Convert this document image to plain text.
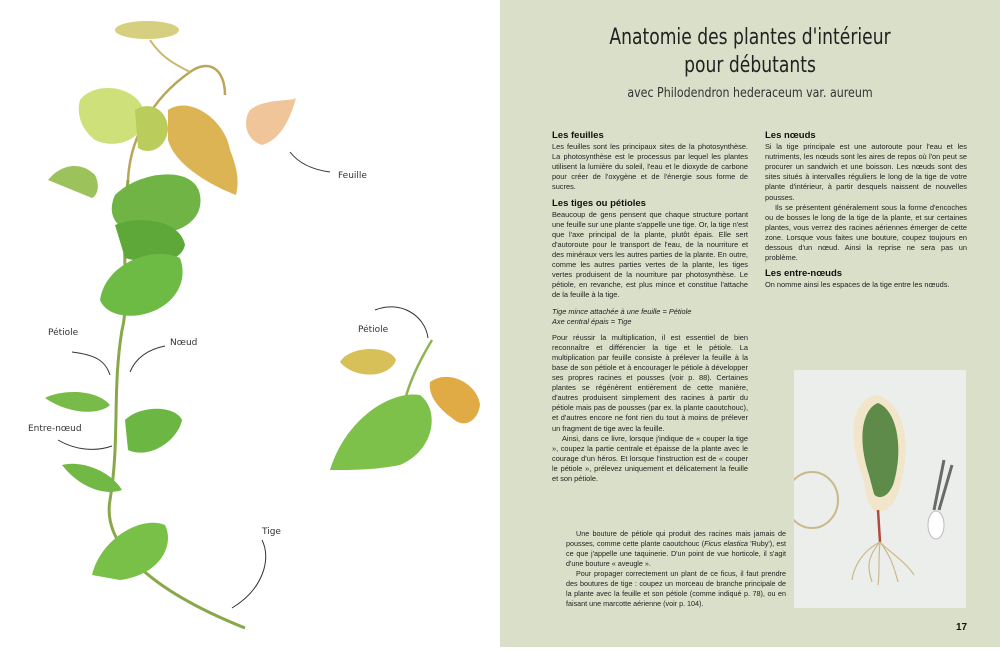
Feuille
Pétiole
Nœud
Entre-nœud
Tige
Pétiole
Anatomie des plantes d'intérieur pour débutants
avec Philodendron hederaceum var. aureum
Les feuilles

Les feuilles sont les principaux sites de la photosynthèse. La photosynthèse est le processus par lequel les plantes utilisent la lumière du soleil, l'eau et le dioxyde de carbone pour créer de l'oxygène et de l'énergie sous forme de sucres.

Les tiges ou pétioles

Beaucoup de gens pensent que chaque structure portant une feuille sur une plante s'appelle une tige. Or, la tige n'est que l'axe principal de la plante, plutôt épais. Elle sert d'autoroute pour le transport de l'eau, de la nourriture et des minéraux vers les autres parties de la plante. En outre, comme les autres parties vertes de la plante, les tiges vertes produisent de la nourriture par photosynthèse. Le pétiole, en revanche, est plus mince et constitue l'attache de la feuille à la tige.

Tige mince attachée à une feuille = Pétiole

Axe central épais = Tige

Pour réussir la multiplication, il est essentiel de bien reconnaître et différencier la tige et le pétiole. La multiplication par feuille consiste à prélever la feuille à la base de son pétiole et à encourager le pétiole à développer ses propres racines et pousses (voir p. 88). Certaines plantes se régénèrent entièrement de cette manière, d'autres produisent simplement des racines à partir du pétiole mais pas de pousses (par ex. la plante caoutchouc), et d'autres encore ne font rien du tout à moins de prélever un fragment de tige avec la feuille.

Ainsi, dans ce livre, lorsque j'indique de « couper la tige », coupez la partie centrale et épaisse de la plante avec le courage d'un héros. Et lorsque l'instruction est de « couper le pétiole », prélevez uniquement et délicatement la feuille et son pétiole.

Les nœuds

Si la tige principale est une autoroute pour l'eau et les nutriments, les nœuds sont les aires de repos où l'on peut se procurer un sandwich et une boisson. Les nœuds sont des sites situés à intervalles réguliers le long de la tige de votre plante d'intérieur, à partir desquels naissent de nouvelles pousses.

Ils se présentent généralement sous la forme d'encoches ou de bosses le long de la tige de la plante, et sur certaines plantes, vous verrez des racines aériennes émerger de cette zone. Lorsque vous faites une bouture, coupez toujours en dessous d'un nœud. Ainsi la reprise ne sera pas un problème.

Les entre-nœuds

On nomme ainsi les espaces de la tige entre les nœuds.

Une bouture de pétiole qui produit des racines mais jamais de pousses, comme cette plante caoutchouc (Ficus elastica 'Ruby'), est ce que j'appelle une taquinerie. D'un point de vue horticole, il s'agit d'une bouture « aveugle ».

Pour propager correctement un plant de ce ficus, il faut prendre des boutures de tige : coupez un morceau de branche principale de la plante avec la feuille et son pétiole (comme indiqué p. 78), ou en faisant une marcotte aérienne (voir p. 104).

17
